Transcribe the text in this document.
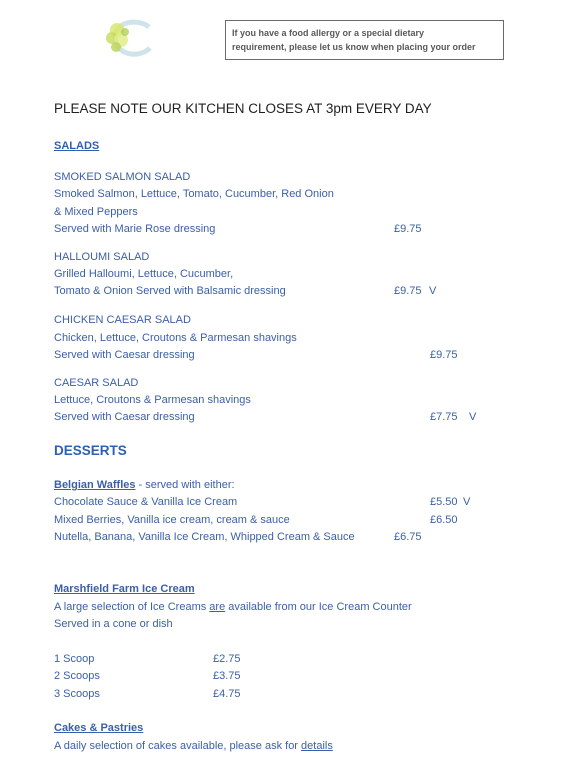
If you have a food allergy or a special dietary
requirement, please let us know when placing your order
PLEASE NOTE OUR KITCHEN CLOSES AT 3pm EVERY DAY
SALADS
SMOKED SALMON SALAD
Smoked Salmon, Lettuce, Tomato, Cucumber, Red Onion
& Mixed Peppers
Served with Marie Rose dressing	£9.75
HALLOUMI SALAD
Grilled Halloumi, Lettuce, Cucumber,
Tomato & Onion Served with Balsamic dressing	£9.75 V
CHICKEN CAESAR SALAD
Chicken, Lettuce, Croutons & Parmesan shavings
Served with Caesar dressing	£9.75
CAESAR SALAD
Lettuce, Croutons & Parmesan shavings
Served with Caesar dressing	£7.75 V
DESSERTS
Belgian Waffles - served with either:
Chocolate Sauce & Vanilla Ice Cream	£5.50 V
Mixed Berries, Vanilla ice cream, cream & sauce	£6.50
Nutella, Banana, Vanilla Ice Cream, Whipped Cream & Sauce	£6.75
Marshfield Farm Ice Cream
A large selection of Ice Creams are available from our Ice Cream Counter
Served in a cone or dish
1 Scoop	£2.75
2 Scoops	£3.75
3 Scoops	£4.75
Cakes & Pastries
A daily selection of cakes available, please ask for details
